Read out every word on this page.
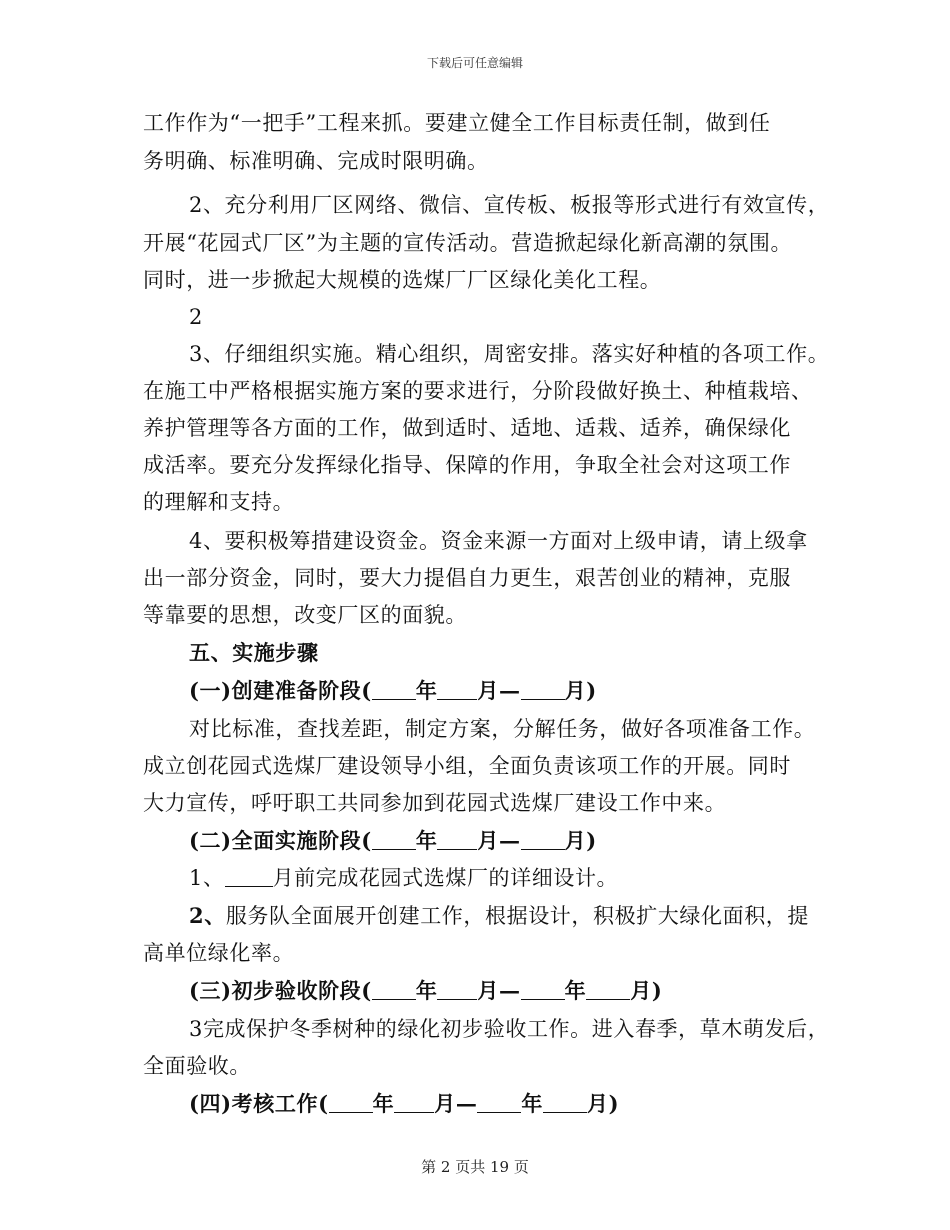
下载后可任意编辑
工作作为“一把手”工程来抓。要建立健全工作目标责任制，做到任
务明确、标准明确、完成时限明确。
2、充分利用厂区网络、微信、宣传板、板报等形式进行有效宣传，
开展“花园式厂区”为主题的宣传活动。营造掀起绿化新高潮的氛围。
同时，进一步掀起大规模的选煤厂厂区绿化美化工程。
2
3、仔细组织实施。精心组织，周密安排。落实好种植的各项工作。
在施工中严格根据实施方案的要求进行，分阶段做好换土、种植栽培、
养护管理等各方面的工作，做到适时、适地、适栽、适养，确保绿化
成活率。要充分发挥绿化指导、保障的作用，争取全社会对这项工作
的理解和支持。
4、要积极筹措建设资金。资金来源一方面对上级申请，请上级拿
出一部分资金，同时，要大力提倡自力更生，艰苦创业的精神，克服
等靠要的思想，改变厂区的面貌。
五、实施步骤
(一)创建准备阶段( 年 月— 月)
对比标准，查找差距，制定方案，分解任务，做好各项准备工作。
成立创花园式选煤厂建设领导小组，全面负责该项工作的开展。同时
大力宣传，呼吁职工共同参加到花园式选煤厂建设工作中来。
(二)全面实施阶段( 年 月— 月)
1、 月前完成花园式选煤厂的详细设计。
2、服务队全面展开创建工作，根据设计，积极扩大绿化面积，提
高单位绿化率。
(三)初步验收阶段( 年 月— 年 月)
3完成保护冬季树种的绿化初步验收工作。进入春季，草木萌发后，
全面验收。
(四)考核工作( 年 月— 年 月)
第 2 页共 19 页
